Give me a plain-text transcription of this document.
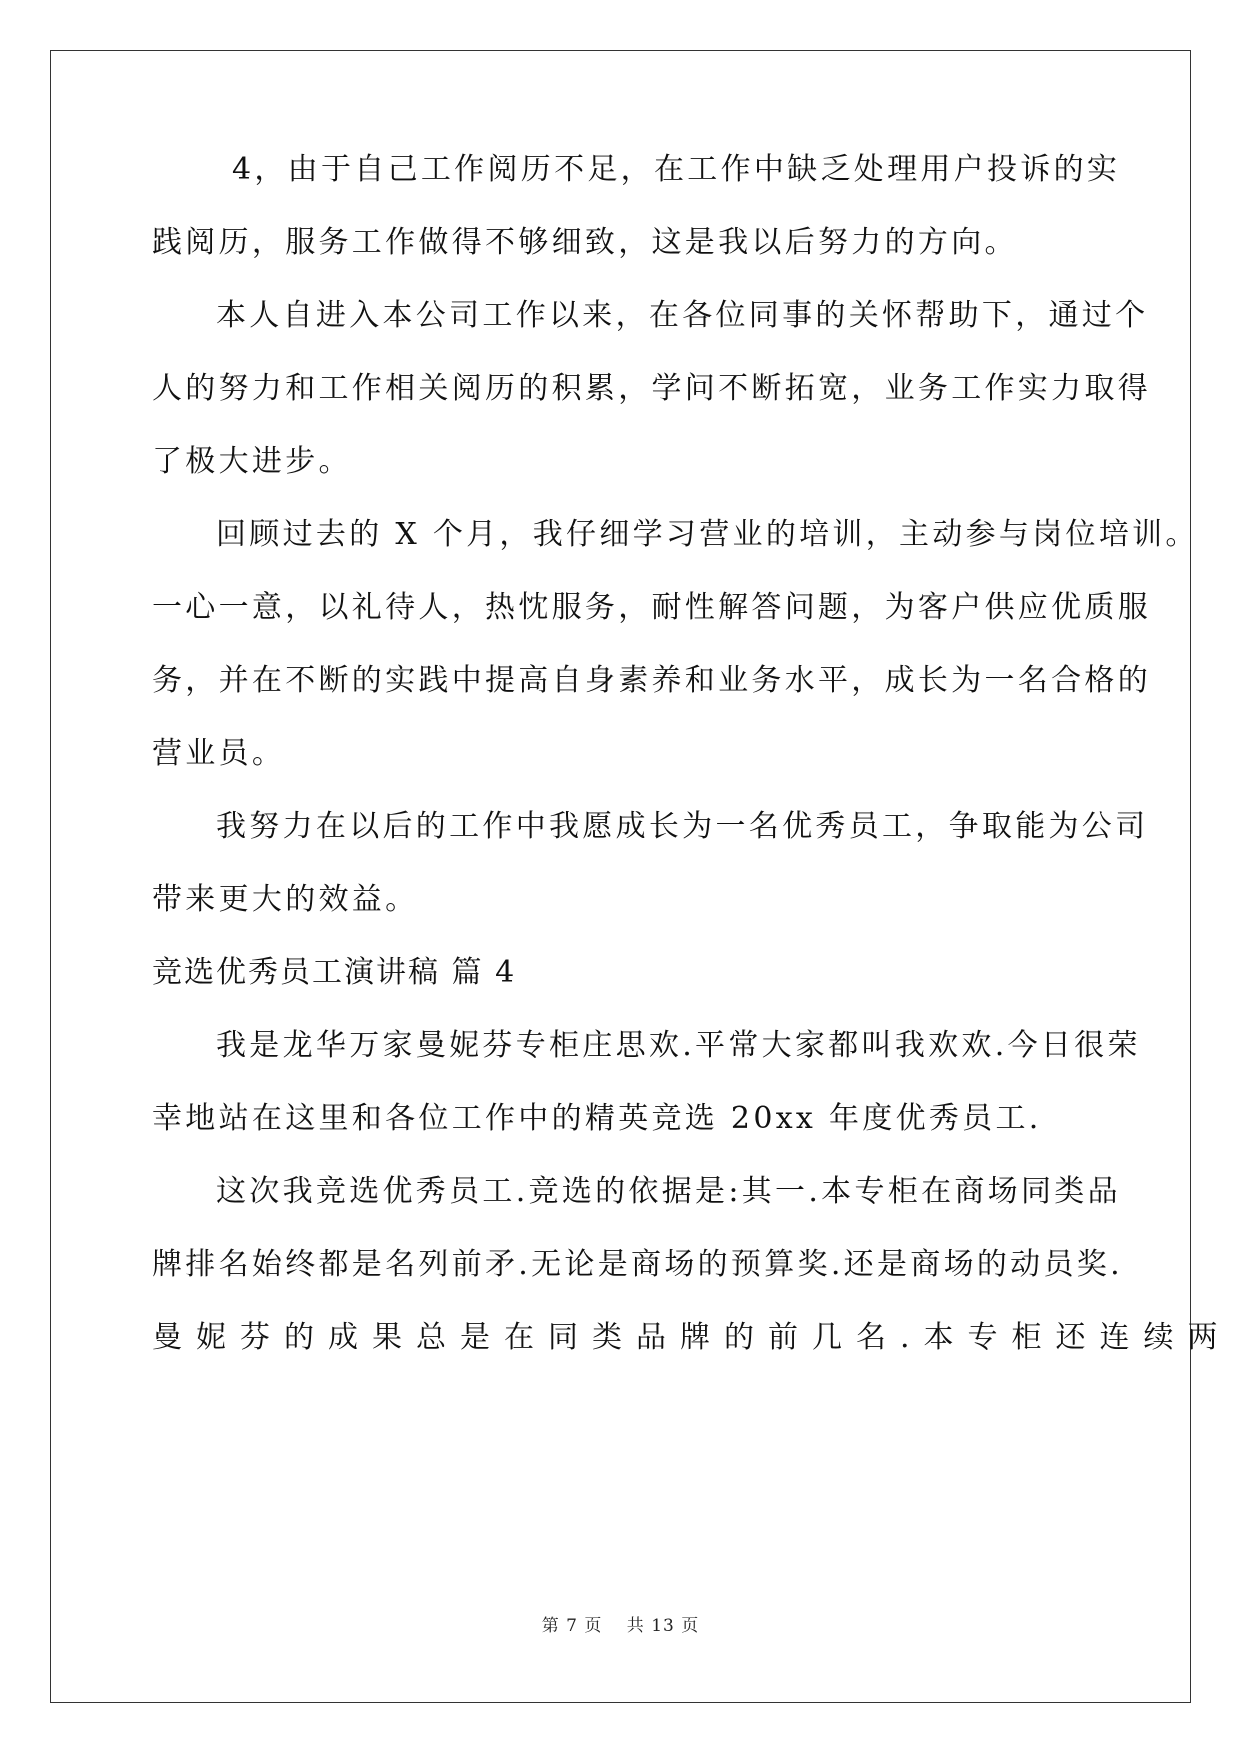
4，由于自己工作阅历不足，在工作中缺乏处理用户投诉的实
践阅历，服务工作做得不够细致，这是我以后努力的方向。
本人自进入本公司工作以来，在各位同事的关怀帮助下，通过个
人的努力和工作相关阅历的积累，学问不断拓宽，业务工作实力取得
了极大进步。
回顾过去的 X 个月，我仔细学习营业的培训，主动参与岗位培训。
一心一意，以礼待人，热忱服务，耐性解答问题，为客户供应优质服
务，并在不断的实践中提高自身素养和业务水平，成长为一名合格的
营业员。
我努力在以后的工作中我愿成长为一名优秀员工，争取能为公司
带来更大的效益。
竞选优秀员工演讲稿 篇 4
我是龙华万家曼妮芬专柜庄思欢.平常大家都叫我欢欢.今日很荣
幸地站在这里和各位工作中的精英竞选 20xx 年度优秀员工.
这次我竞选优秀员工.竞选的依据是:其一.本专柜在商场同类品
牌排名始终都是名列前矛.无论是商场的预算奖.还是商场的动员奖.
曼妮芬的成果总是在同类品牌的前几名.本专柜还连续两
第 7 页　 共 13 页
